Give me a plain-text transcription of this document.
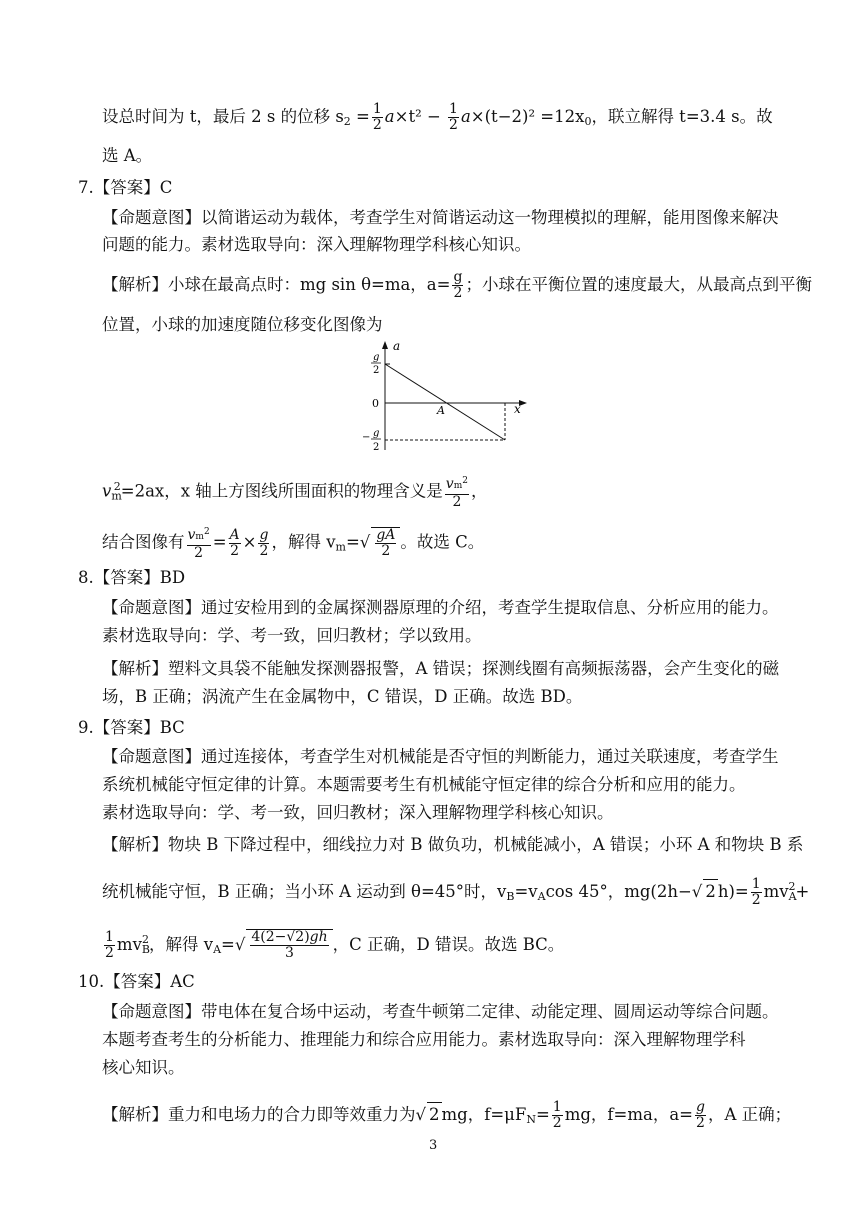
设总时间为 t，最后 2 s 的位移 $s_2 = \frac{1}{2} a\times t^2 - \frac{1}{2} a\times(t-2)^2 =12x_0$，联立解得 t=3.4 s。故
选 A。
7.【答案】C
【命题意图】以简谐运动为载体，考查学生对简谐运动这一物理模拟的理解，能用图像来解决
问题的能力。素材选取导向：深入理解物理学科核心知识。
【解析】小球在最高点时：mg sin θ=ma，$a= \frac{g}{2}$ ；小球在平衡位置的速度最大，从最高点到平衡
位置，小球的加速度随位移变化图像为
a
x
0
A
g
2
− g
2
$v_m^2=2ax$，x 轴上方图线所围面积的物理含义是 $\frac{vm^2}{2}$ ，
结合图像有 $\frac{vm^2}{2} = \frac{A}{2} \times \frac{g}{2}$ ，解得 $v_m=√ \frac{gA}{2}$ 。故选 C。
8.【答案】BD
【命题意图】通过安检用到的金属探测器原理的介绍，考查学生提取信息、分析应用的能力。
素材选取导向：学、考一致，回归教材；学以致用。
【解析】塑料文具袋不能触发探测器报警，A 错误；探测线圈有高频振荡器，会产生变化的磁
场，B 正确；涡流产生在金属物中，C 错误，D 正确。故选 BD。
9.【答案】BC
【命题意图】通过连接体，考查学生对机械能是否守恒的判断能力，通过关联速度，考查学生
系统机械能守恒定律的计算。本题需要考生有机械能守恒定律的综合分析和应用的能力。
素材选取导向：学、考一致，回归教材；深入理解物理学科核心知识。
【解析】物块 B 下降过程中，细线拉力对 B 做负功，机械能减小，A 错误；小环 A 和物块 B 系
统机械能守恒，B 正确；当小环 A 运动到 θ=45°时，$v_B=v_A\cos$ 45°，mg(2h−√ 2 $h)= \frac{1}{2} mv_A^2+$
$\frac{1}{2} mv_B^2$，解得 $v_A=√ \frac{4(2-√2)gh}{3}$ ，C 正确，D 错误。故选 BC。
10.【答案】AC
【命题意图】带电体在复合场中运动，考查牛顿第二定律、动能定理、圆周运动等综合问题。
本题考查考生的分析能力、推理能力和综合应用能力。素材选取导向：深入理解物理学科
核心知识。
【解析】重力和电场力的合力即等效重力为√ 2 mg，$f=\mu F_N= \frac{1}{2}$ mg，f=ma，$a= \frac{g}{2}$ ，A 正确；
3
